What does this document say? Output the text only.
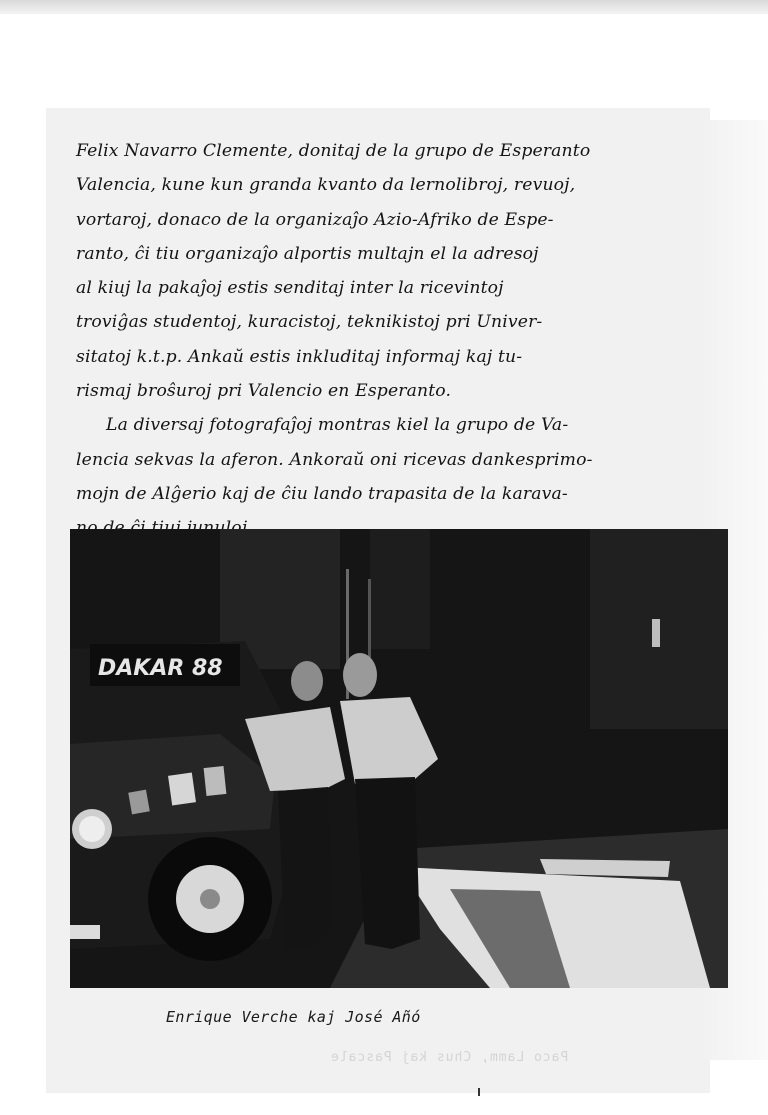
Felix Navarro Clemente, donitaj de la grupo de Esperanto
Valencia, kune kun granda kvanto da lernolibroj, revuoj,
vortaroj, donaco de la organizaĵo Azio-Afriko de Espe-
ranto, ĉi tiu organizaĵo alportis multajn el la adresoj
al kiuj la pakaĵoj estis senditaj inter la ricevintoj
troviĝas studentoj, kuracistoj, teknikistoj pri Univer-
sitatoj k.t.p. Ankaŭ estis inkluditaj informaj kaj tu-
rismaj broŝuroj pri Valencio en Esperanto.
La diversaj fotografaĵoj montras kiel la grupo de Va-
lencia sekvas la aferon. Ankoraŭ oni ricevas dankesprimo-
mojn de Alĝerio kaj de ĉiu lando trapasita de la karava-
DAKAR 88
Enrique Verche kaj José Añó
Paco Lamm, Chus kaj Pascale
